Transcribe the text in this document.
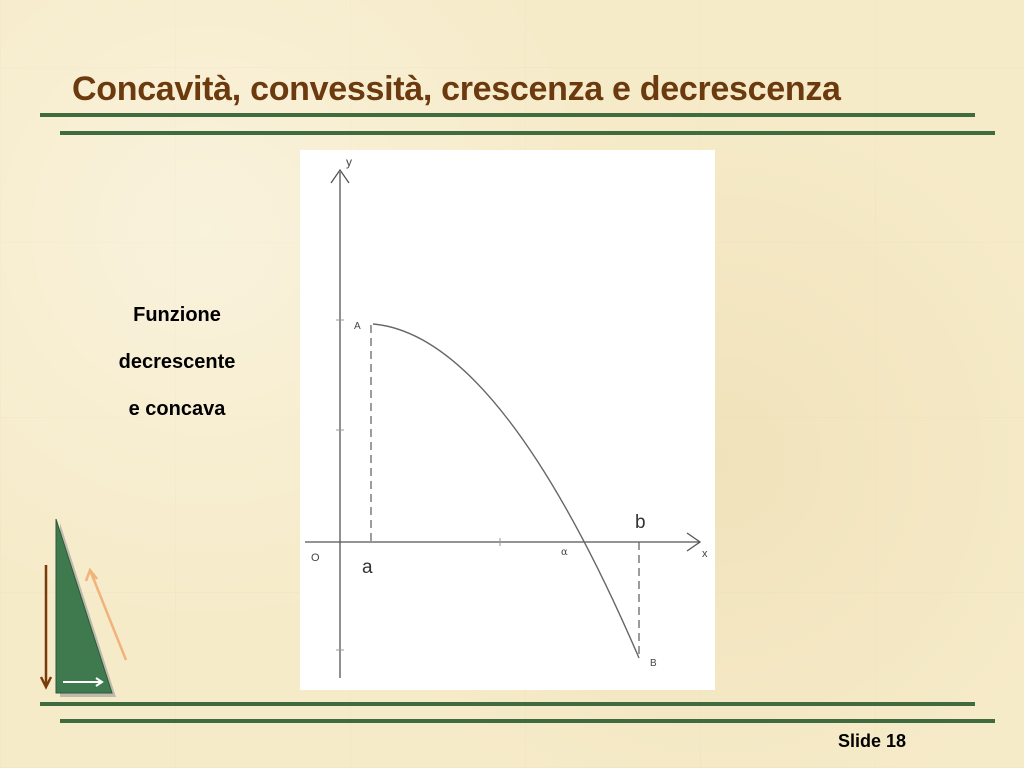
Concavità, convessità, crescenza e decrescenza
Funzione
decrescente
e concava
y
x
O a
b
A
B
α
Slide 18
